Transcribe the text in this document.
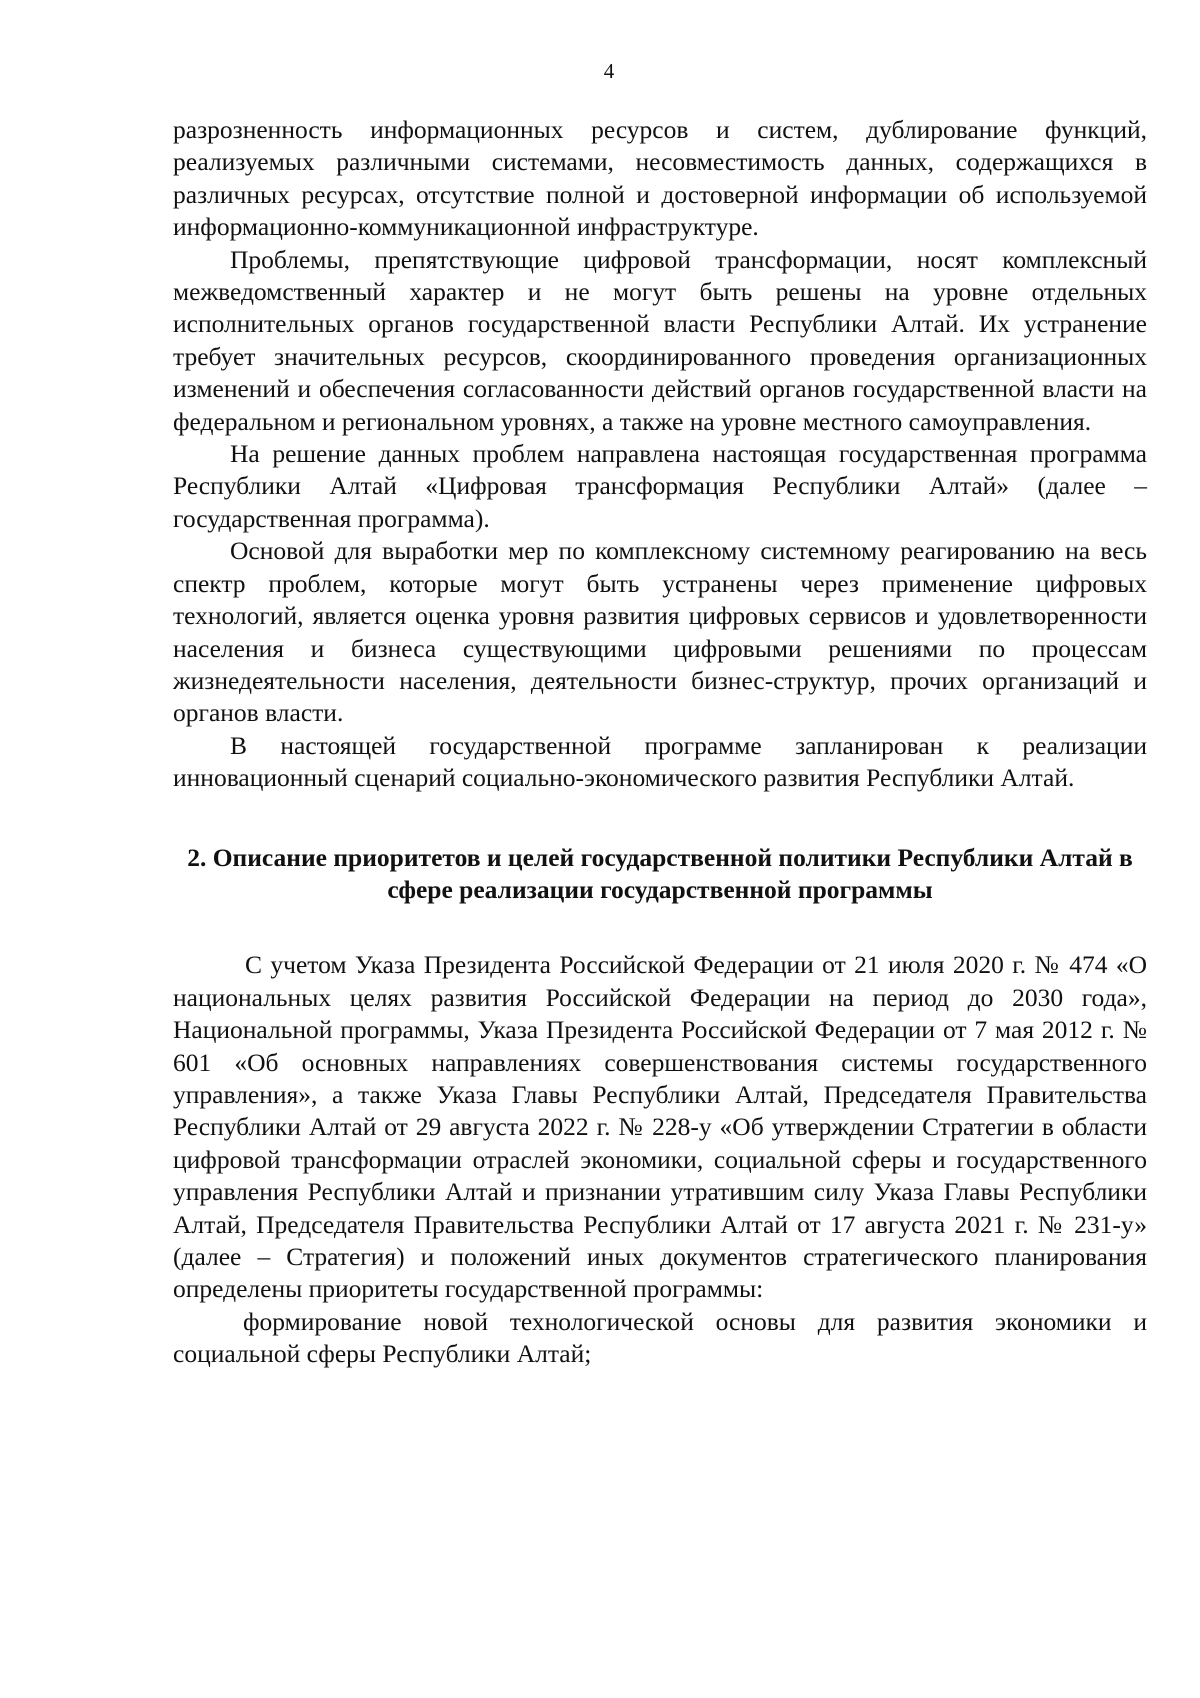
4

разрозненность информационных ресурсов и систем, дублирование функций, реализуемых различными системами, несовместимость данных, содержащихся в различных ресурсах, отсутствие полной и достоверной информации об используемой информационно-коммуникационной инфраструктуре.

Проблемы, препятствующие цифровой трансформации, носят комплексный межведомственный характер и не могут быть решены на уровне отдельных исполнительных органов государственной власти Республики Алтай. Их устранение требует значительных ресурсов, скоординированного проведения организационных изменений и обеспечения согласованности действий органов государственной власти на федеральном и региональном уровнях, а также на уровне местного самоуправления.

На решение данных проблем направлена настоящая государственная программа Республики Алтай «Цифровая трансформация Республики Алтай» (далее – государственная программа).

Основой для выработки мер по комплексному системному реагированию на весь спектр проблем, которые могут быть устранены через применение цифровых технологий, является оценка уровня развития цифровых сервисов и удовлетворенности населения и бизнеса существующими цифровыми решениями по процессам жизнедеятельности населения, деятельности бизнес-структур, прочих организаций и органов власти.

В настоящей государственной программе запланирован к реализации инновационный сценарий социально-экономического развития Республики Алтай.

2. Описание приоритетов и целей государственной политики Республики Алтай в сфере реализации государственной программы

С учетом Указа Президента Российской Федерации от 21 июля 2020 г. № 474 «О национальных целях развития Российской Федерации на период до 2030 года», Национальной программы, Указа Президента Российской Федерации от 7 мая 2012 г. № 601 «Об основных направлениях совершенствования системы государственного управления», а также Указа Главы Республики Алтай, Председателя Правительства Республики Алтай от 29 августа 2022 г. № 228-у «Об утверждении Стратегии в области цифровой трансформации отраслей экономики, социальной сферы и государственного управления Республики Алтай и признании утратившим силу Указа Главы Республики Алтай, Председателя Правительства Республики Алтай от 17 августа 2021 г. № 231-у» (далее – Стратегия) и положений иных документов стратегического планирования определены приоритеты государственной программы:

формирование новой технологической основы для развития экономики и социальной сферы Республики Алтай;
